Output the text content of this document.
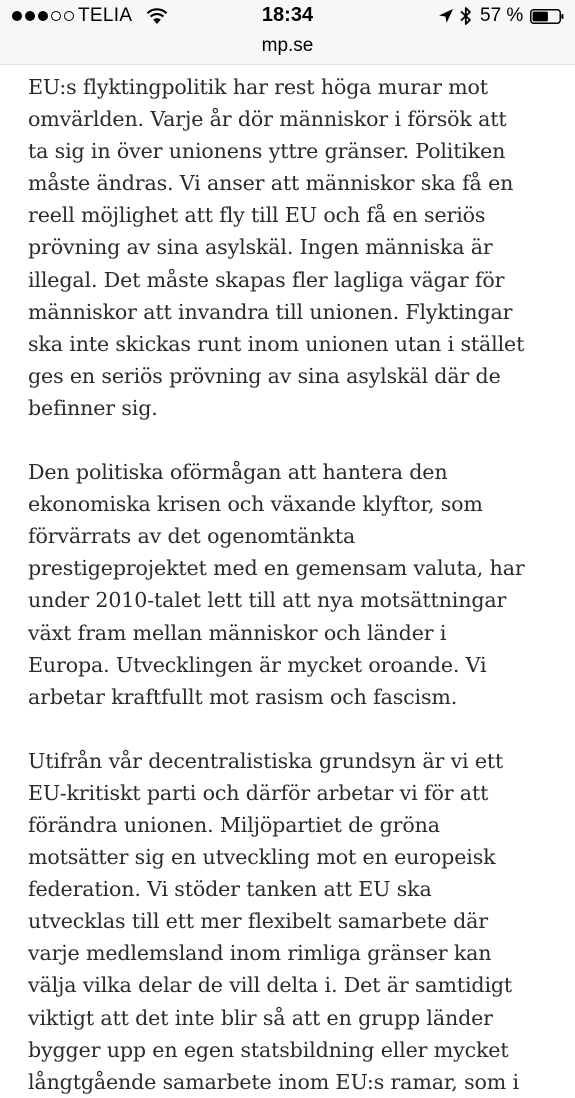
TELIA	18:34	57 %
mp.se

EU:s flyktingpolitik har rest höga murar mot
omvärlden. Varje år dör människor i försök att
ta sig in över unionens yttre gränser. Politiken
måste ändras. Vi anser att människor ska få en
reell möjlighet att fly till EU och få en seriös
prövning av sina asylskäl. Ingen människa är
illegal. Det måste skapas fler lagliga vägar för
människor att invandra till unionen. Flyktingar
ska inte skickas runt inom unionen utan i stället
ges en seriös prövning av sina asylskäl där de
befinner sig.

Den politiska oförmågan att hantera den
ekonomiska krisen och växande klyftor, som
förvärrats av det ogenomtänkta
prestigeprojektet med en gemensam valuta, har
under 2010-talet lett till att nya motsättningar
växt fram mellan människor och länder i
Europa. Utvecklingen är mycket oroande. Vi
arbetar kraftfullt mot rasism och fascism.

Utifrån vår decentralistiska grundsyn är vi ett
EU-kritiskt parti och därför arbetar vi för att
förändra unionen. Miljöpartiet de gröna
motsätter sig en utveckling mot en europeisk
federation. Vi stöder tanken att EU ska
utvecklas till ett mer flexibelt samarbete där
varje medlemsland inom rimliga gränser kan
välja vilka delar de vill delta i. Det är samtidigt
viktigt att det inte blir så att en grupp länder
bygger upp en egen statsbildning eller mycket
långtgående samarbete inom EU:s ramar, som i
